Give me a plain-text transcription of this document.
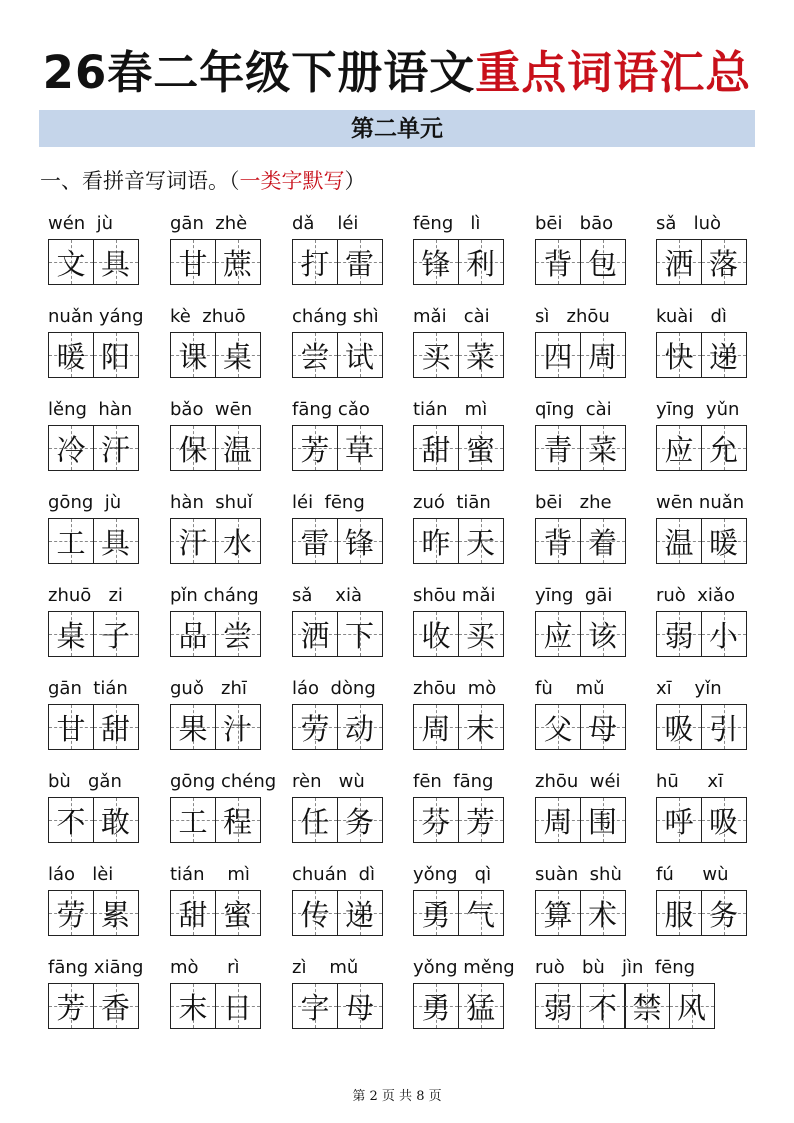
26春二年级下册语文重点词语汇总
第二单元
一、看拼音写词语。（一类字默写）
wén  jù
文 具
gān  zhè
甘 蔗
dǎ    léi
打 雷
fēng   lì
锋 利
bēi   bāo
背 包
sǎ   luò
洒 落
nuǎn yáng
暖 阳
kè  zhuō
课 桌
cháng shì
尝 试
mǎi   cài
买 菜
sì   zhōu
四 周
kuài   dì
快 递
lěng  hàn
冷 汗
bǎo  wēn
保 温
fāng cǎo
芳 草
tián   mì
甜 蜜
qīng  cài
青 菜
yīng  yǔn
应 允
gōng  jù
工 具
hàn  shuǐ
汗 水
léi  fēng
雷 锋
zuó  tiān
昨 天
bēi   zhe
背 着
wēn nuǎn
温 暖
zhuō   zi
桌 子
pǐn cháng
品 尝
sǎ    xià
洒 下
shōu mǎi
收 买
yīng  gāi
应 该
ruò  xiǎo
弱 小
gān  tián
甘 甜
guǒ   zhī
果 汁
láo  dòng
劳 动
zhōu  mò
周 末
fù    mǔ
父 母
xī    yǐn
吸 引
bù   gǎn
不 敢
gōng chéng
工 程
rèn   wù
任 务
fēn  fāng
芬 芳
zhōu  wéi
周 围
hū     xī
呼 吸
láo   lèi
劳 累
tián    mì
甜 蜜
chuán  dì
传 递
yǒng   qì
勇 气
suàn  shù
算 术
fú     wù
服 务
fāng xiāng
芳 香
mò     rì
末 日
zì    mǔ
字 母
yǒng měng
勇 猛
ruò   bù   jìn  fēng
弱 不 禁 风
第 2 页 共 8 页
